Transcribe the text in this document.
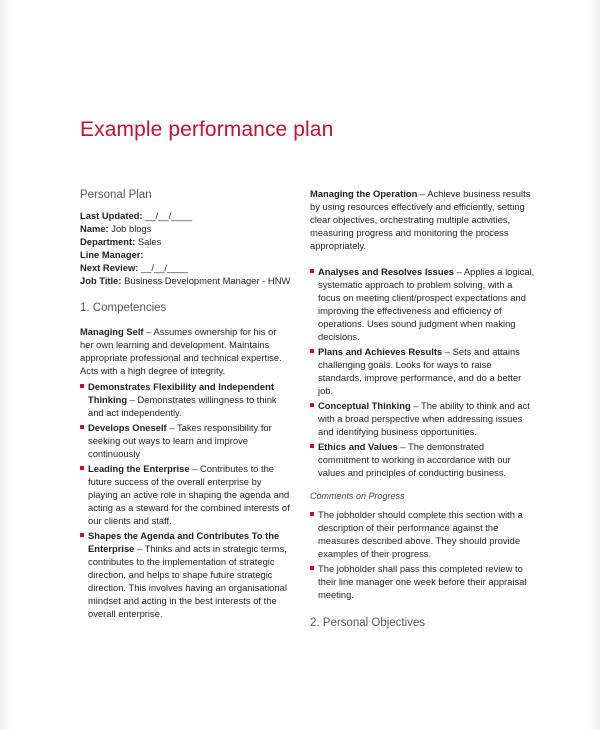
Example performance plan
Personal Plan

Last Updated: __/__/____

Name: Job blogs

Department: Sales

Line Manager:

Next Review: __/__/____

Job Title: Business Development Manager - HNW

1. Competencies

Managing Self – Assumes ownership for his or her own learning and development. Maintains appropriate professional and technical expertise. Acts with a high degree of integrity.

Demonstrates Flexibility and Independent Thinking – Demonstrates willingness to think and act independently.
Develops Oneself – Takes responsibility for seeking out ways to learn and improve continuously
Leading the Enterprise – Contributes to the future success of the overall enterprise by playing an active role in shaping the agenda and acting as a steward for the combined interests of our clients and staff.
Shapes the Agenda and Contributes To the Enterprise – Thinks and acts in strategic terms, contributes to the implementation of strategic direction, and helps to shape future strategic direction. This involves having an organisational mindset and acting in the best interests of the overall enterprise.

Managing the Operation – Achieve business results by using resources effectively and efficiently, setting clear objectives, orchestrating multiple activities, measuring progress and monitoring the process appropriately.

Analyses and Resolves Issues – Applies a logical, systematic approach to problem solving, with a focus on meeting client/prospect expectations and improving the effectiveness and efficiency of operations. Uses sound judgment when making decisions.
Plans and Achieves Results – Sets and attains challenging goals. Looks for ways to raise standards, improve performance, and do a better job.
Conceptual Thinking – The ability to think and act with a broad perspective when addressing issues and identifying business opportunities.
Ethics and Values – The demonstrated commitment to working in accordance with our values and principles of conducting business.
Comments on Progress
The jobholder should complete this section with a description of their performance against the measures described above. They should provide examples of their progress.
The jobholder shall pass this completed review to their line manager one week before their appraisal meeting.
2. Personal Objectives
